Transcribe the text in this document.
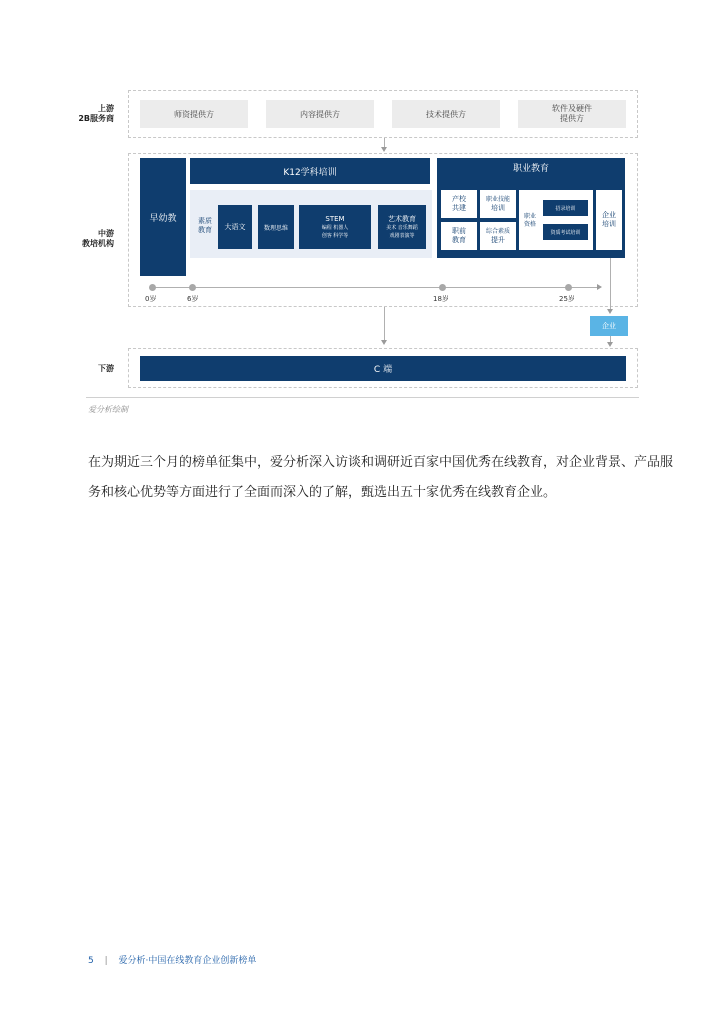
上游
2B服务商	师资提供方	内容提供方	技术提供方
软件及硬件
提供方
中游
教培机构
早幼教
K12学科培训
素质
教育 大语文	数理思维
STEM
编程 机器人
创客 科学等
艺术教育
美术 音乐舞蹈
戏剧表演等
职业教育
产校
共建
职业技能
培训
职前
教育
综合素质
提升
职业
资格
招录培训
资质考试培训
企业
培训
0岁	6岁	18岁	25岁
企业
下游	C 端
爱分析绘制
在为期近三个月的榜单征集中，爱分析深入访谈和调研近百家中国优秀在线教育，对企业背景、产品服
务和核心优势等方面进行了全面而深入的了解，甄选出五十家优秀在线教育企业。
5 | 爱分析·中国在线教育企业创新榜单
